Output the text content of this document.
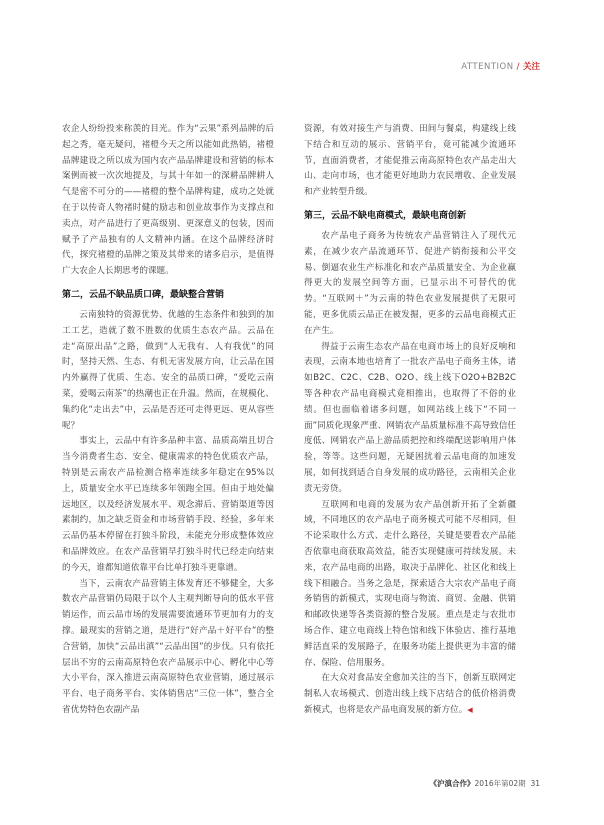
ATTENTION / 关注

农企人纷纷投来称羡的目光。作为“云果”系列品牌的后起之秀，毫无疑问，褚橙今天之所以能如此热销，褚橙品牌建设之所以成为国内农产品品牌建设和营销的标本案例而被一次次地提及，与其十年如一的深耕品牌耕人气是密不可分的——褚橙的整个品牌构建，成功之处就在于以传奇人物褚时健的励志和创业故事作为支撑点和卖点，对产品进行了更高级别、更深意义的包装，因而赋予了产品独有的人文精神内涵。在这个品牌经济时代，探究褚橙的品牌之策及其带来的诸多启示，是值得广大农企人长期思考的课题。

第二，云品不缺品质口碑，最缺整合营销

云南独特的资源优势、优越的生态条件和独到的加工工艺，造就了数不胜数的优质生态农产品。云品在走“高原出品”之路，做到“人无我有、人有我优”的同时，坚持天然、生态、有机无害发展方向，让云品在国内外赢得了优质、生态、安全的品质口碑，“爱吃云南菜，爱喝云南茶”的热潮也正在升温。然而，在规模化、集约化“走出去”中，云品是否还可走得更远、更从容些呢？

事实上，云品中有许多品种丰富、品质高端且切合当今消费者生态、安全、健康需求的特色优质农产品，特别是云南农产品检测合格率连续多年稳定在95%以上，质量安全水平已连续多年领跑全国。但由于地处偏远地区，以及经济发展水平、观念滞后、营销渠道等因素制约，加之缺乏资金和市场营销手段、经验，多年来云品仍基本停留在打独斗阶段，未能充分形成整体效应和品牌效应。在农产品营销早打独斗时代已经走向结束的今天，谁都知道依靠平台比单打独斗更靠谱。

当下，云南农产品营销主体发育还不够健全，大多数农产品营销仍局限于以个人主观判断导向的低水平营销运作，而云品市场的发展需要流通环节更加有力的支撑。最现实的营销之道，是进行“好产品＋好平台”的整合营销，加快“云品出滇”“云品出国”的步伐。只有依托层出不穷的云南高原特色农产品展示中心、孵化中心等大小平台，深入推进云南高原特色农业营销，通过展示平台、电子商务平台、实体销售店“三位一体”，整合全省优势特色农副产品

资源，有效对接生产与消费、田间与餐桌，构建线上线下结合和互动的展示、营销平台，竟可能减少流通环节，直面消费者，才能促推云南高原特色农产品走出大山、走向市场，也才能更好地助力农民增收、企业发展和产业转型升级。

第三，云品不缺电商模式，最缺电商创新

农产品电子商务为传统农产品营销注入了现代元素，在减少农产品流通环节、促进产销衔接和公平交易、倒逼农业生产标准化和农产品质量安全、为企业赢得更大的发展空间等方面，已显示出不可替代的优势。“互联网＋”为云南的特色农业发展提供了无限可能，更多优质云品正在被发掘，更多的云品电商模式正在产生。

得益于云南生态农产品在电商市场上的良好反响和表现，云南本地也培育了一批农产品电子商务主体，诸如B2C、C2C、C2B、O2O、线上线下O2O+B2B2C等各种农产品电商模式竟相推出，也取得了不俗的业绩。但也面临着诸多问题，如网站线上线下“不同一面”同质化现象严重、网销农产品质量标准不高导致信任度低、网销农产品上游品质把控和终端配送影响用户体验，等等。这些问题，无疑困扰着云品电商的加速发展，如何找到适合自身发展的成功路径，云南相关企业责无旁贷。

互联网和电商的发展为农产品创新开拓了全新疆域，不同地区的农产品电子商务模式可能不尽相同，但不论采取什么方式、走什么路径，关键是要看农产品能否依靠电商获取高效益，能否实现健康可持续发展。未来，农产品电商的出路，取决于品牌化、社区化和线上线下相融合。当务之急是，探索适合大宗农产品电子商务销售的新模式，实现电商与物流、商贸、金融、供销和邮政快递等各类资源的整合发展。重点是走与农批市场合作、建立电商线上特色馆和线下体验店、推行基地鲜活直采的发展路子，在服务功能上提供更为丰富的储存、保险、信用服务。

在大众对食品安全愈加关注的当下，创新互联网定制私人农场模式、创造出线上线下店结合的低价格消费新模式，也将是农产品电商发展的新方位。◀

《沪滇合作》2016年第02期 31
